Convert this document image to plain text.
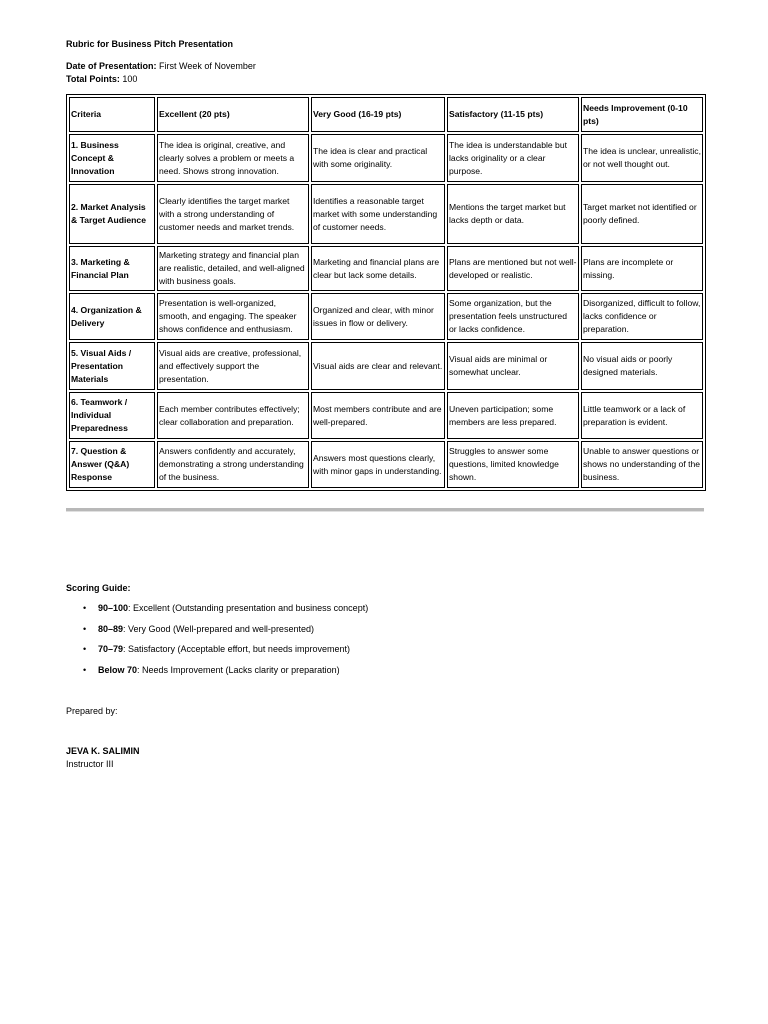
Rubric for Business Pitch Presentation
Date of Presentation: First Week of November
Total Points: 100
Criteria	Excellent (20 pts)	Very Good (16-19 pts)	Satisfactory (11-15 pts)	Needs Improvement (0-10 pts)
1. Business Concept & Innovation	The idea is original, creative, and clearly solves a problem or meets a need. Shows strong innovation.	The idea is clear and practical with some originality.	The idea is understandable but lacks originality or a clear purpose.	The idea is unclear, unrealistic, or not well thought out.
2. Market Analysis & Target Audience	Clearly identifies the target market with a strong understanding of customer needs and market trends.	Identifies a reasonable target market with some understanding of customer needs.	Mentions the target market but lacks depth or data.	Target market not identified or poorly defined.
3. Marketing & Financial Plan	Marketing strategy and financial plan are realistic, detailed, and well-aligned with business goals.	Marketing and financial plans are clear but lack some details.	Plans are mentioned but not well-developed or realistic.	Plans are incomplete or missing.
4. Organization & Delivery	Presentation is well-organized, smooth, and engaging. The speaker shows confidence and enthusiasm.	Organized and clear, with minor issues in flow or delivery.	Some organization, but the presentation feels unstructured or lacks confidence.	Disorganized, difficult to follow, lacks confidence or preparation.
5. Visual Aids / Presentation Materials	Visual aids are creative, professional, and effectively support the presentation.	Visual aids are clear and relevant.	Visual aids are minimal or somewhat unclear.	No visual aids or poorly designed materials.
6. Teamwork / Individual Preparedness	Each member contributes effectively; clear collaboration and preparation.	Most members contribute and are well-prepared.	Uneven participation; some members are less prepared.	Little teamwork or a lack of preparation is evident.
7. Question & Answer (Q&A) Response	Answers confidently and accurately, demonstrating a strong understanding of the business.	Answers most questions clearly, with minor gaps in understanding.	Struggles to answer some questions, limited knowledge shown.	Unable to answer questions or shows no understanding of the business.
Scoring Guide:
• 90–100: Excellent (Outstanding presentation and business concept)
• 80–89: Very Good (Well-prepared and well-presented)
• 70–79: Satisfactory (Acceptable effort, but needs improvement)
• Below 70: Needs Improvement (Lacks clarity or preparation)
Prepared by:
JEVA K. SALIMIN
Instructor III
